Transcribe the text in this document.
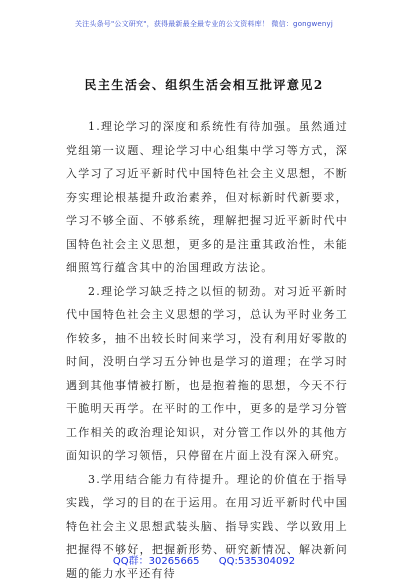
关注头条号"公文研究"，获得最新最全最专业的公文资料库！ 微信：gongwenyj
民主生活会、组织生活会相互批评意见2

1.理论学习的深度和系统性有待加强。虽然通过党组第一议题、理论学习中心组集中学习等方式，深入学习了习近平新时代中国特色社会主义思想，不断夯实理论根基提升政治素养，但对标新时代新要求，学习不够全面、不够系统，理解把握习近平新时代中国特色社会主义思想，更多的是注重其政治性，未能细照笃行蕴含其中的治国理政方法论。

2.理论学习缺乏持之以恒的韧劲。对习近平新时代中国特色社会主义思想的学习，总认为平时业务工作较多，抽不出较长时间来学习，没有利用好零散的时间，没明白学习五分钟也是学习的道理；在学习时遇到其他事情被打断，也是抱着拖的思想，今天不行干脆明天再学。在平时的工作中，更多的是学习分管工作相关的政治理论知识，对分管工作以外的其他方面知识的学习领悟，只停留在片面上没有深入研究。

3.学用结合能力有待提升。理论的价值在于指导实践，学习的目的在于运用。在用习近平新时代中国特色社会主义思想武装头脑、指导实践、学以致用上把握得不够好，把握新形势、研究新情况、解决新问题的能力水平还有待

QQ群：30265665 QQ:535304092
